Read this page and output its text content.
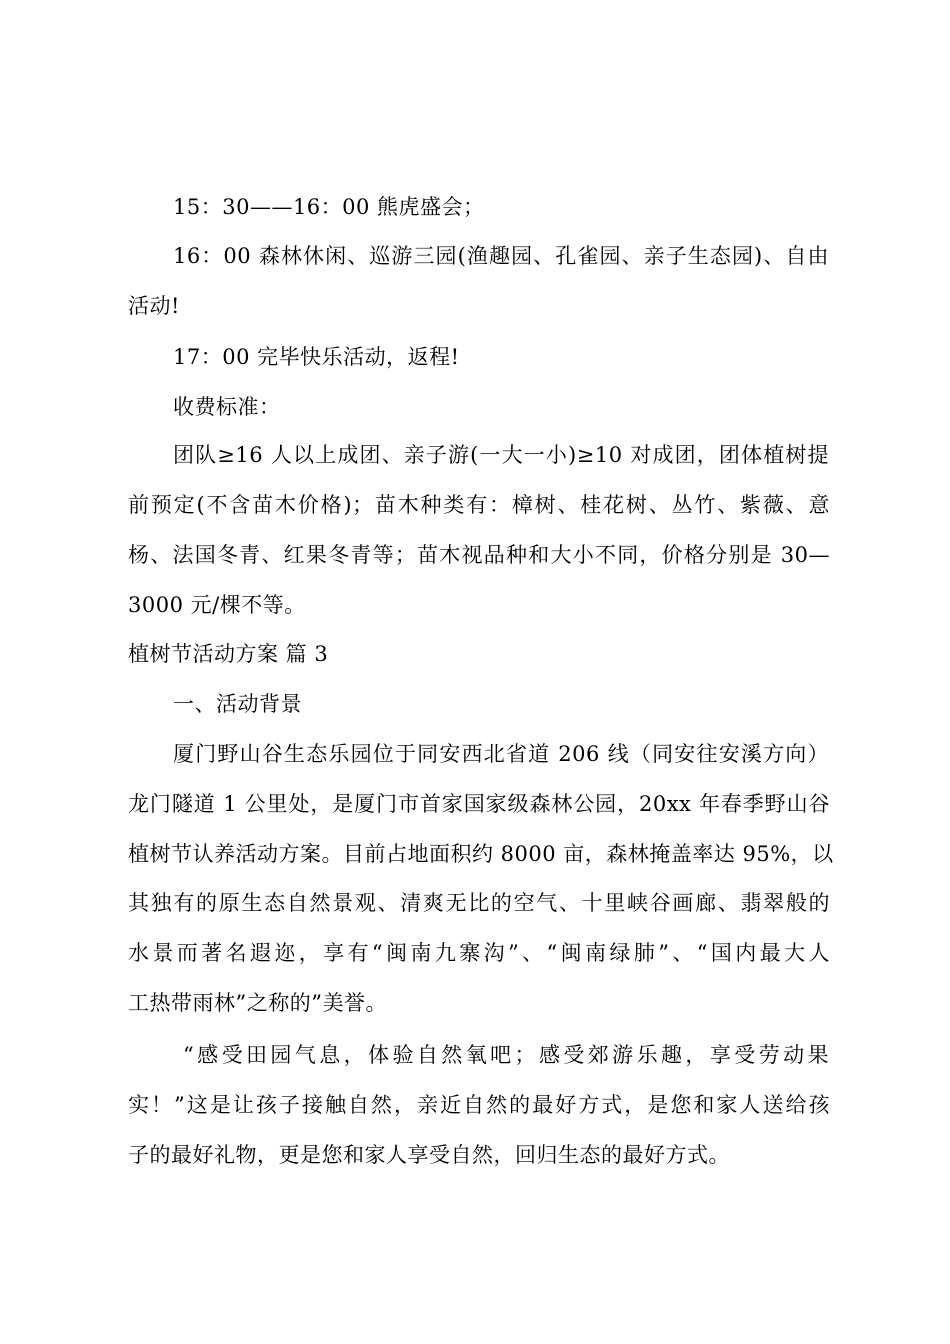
15：30——16：00 熊虎盛会；
16：00 森林休闲、巡游三园(渔趣园、孔雀园、亲子生态园)、自由
活动!
17：00 完毕快乐活动，返程!
收费标准：
团队≥16 人以上成团、亲子游(一大一小)≥10 对成团，团体植树提
前预定(不含苗木价格)；苗木种类有：樟树、桂花树、丛竹、紫薇、意
杨、法国冬青、红果冬青等；苗木视品种和大小不同，价格分别是 30—
3000 元/棵不等。
植树节活动方案 篇 3
一、活动背景
厦门野山谷生态乐园位于同安西北省道 206 线（同安往安溪方向）
龙门隧道 1 公里处，是厦门市首家国家级森林公园，20xx 年春季野山谷
植树节认养活动方案。目前占地面积约 8000 亩，森林掩盖率达 95%，以
其独有的原生态自然景观、清爽无比的空气、十里峡谷画廊、翡翠般的
水景而著名遐迩，享有“闽南九寨沟”、“闽南绿肺”、“国内最大人
工热带雨林”之称的”美誉。
“感受田园气息，体验自然氧吧；感受郊游乐趣，享受劳动果
实！”这是让孩子接触自然，亲近自然的最好方式，是您和家人送给孩
子的最好礼物，更是您和家人享受自然，回归生态的最好方式。
